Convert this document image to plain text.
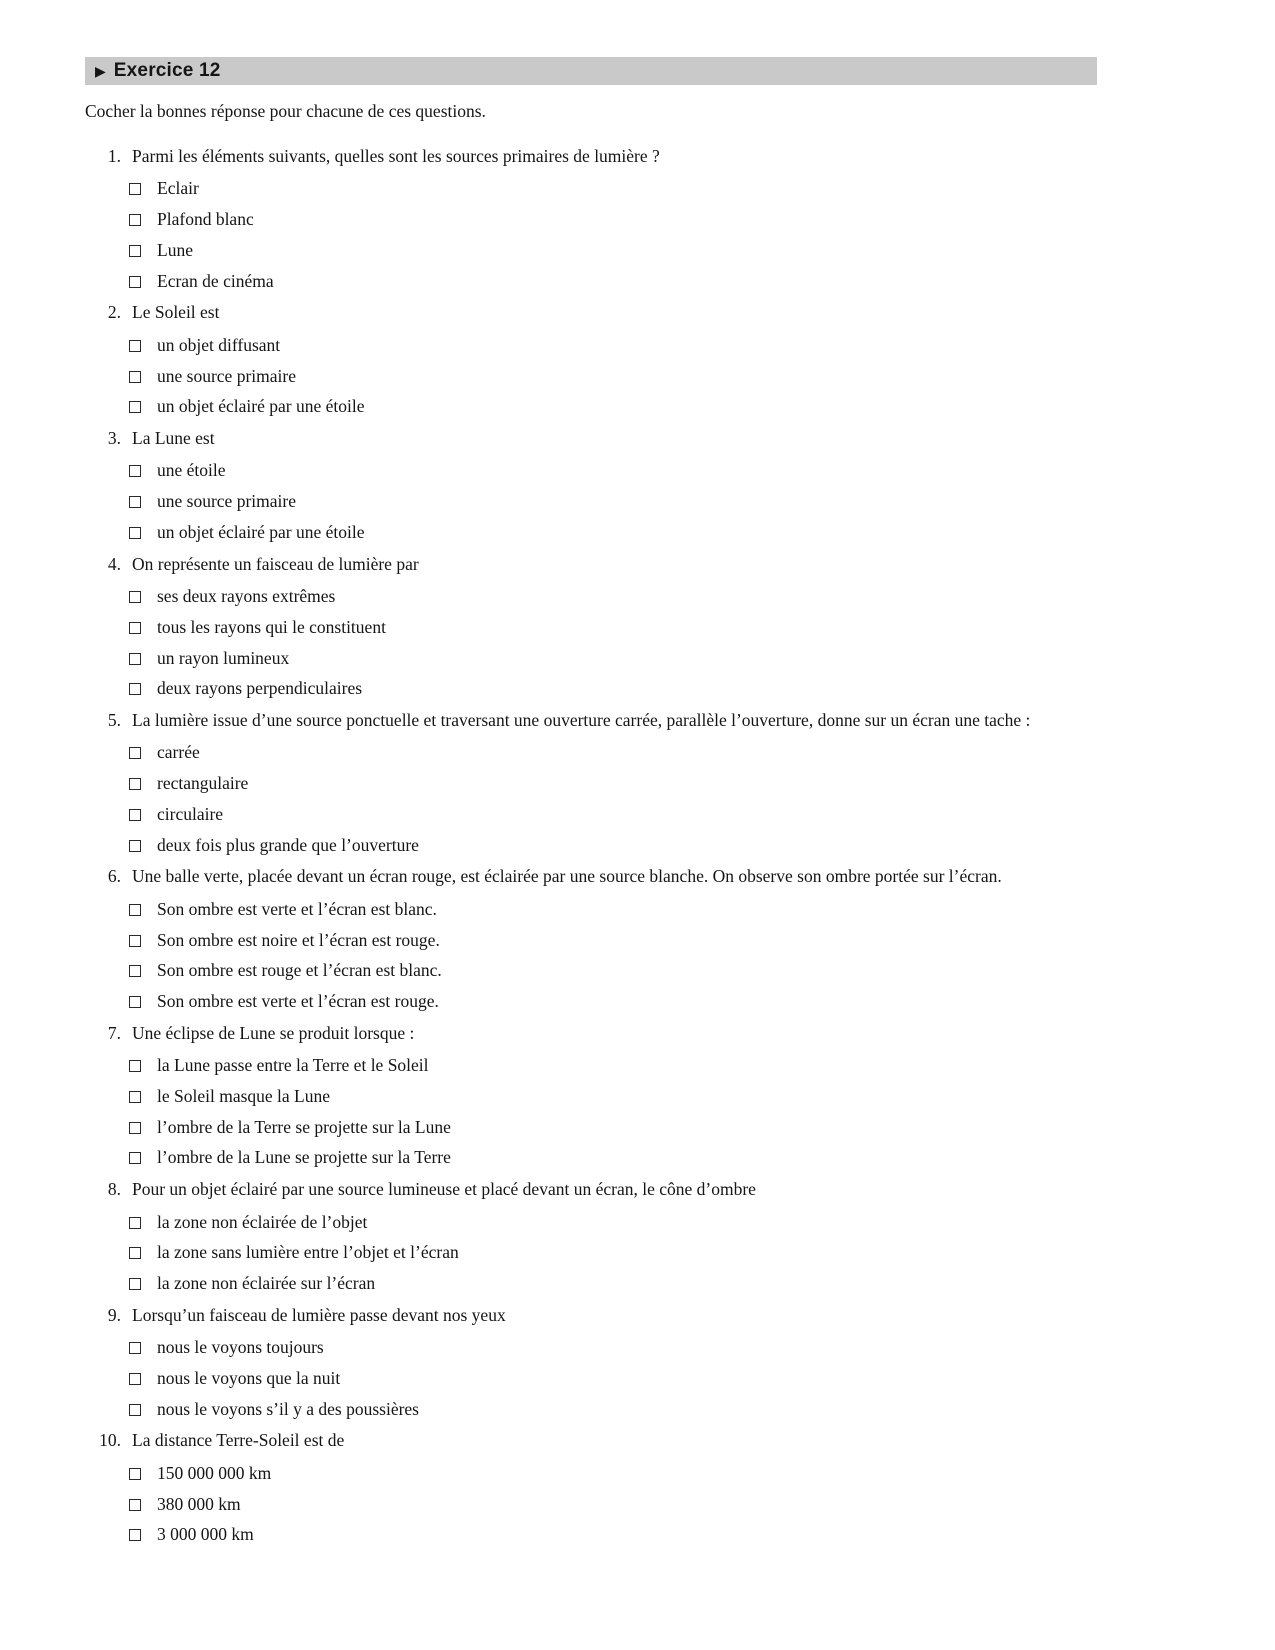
▶ Exercice 12
Cocher la bonnes réponse pour chacune de ces questions.
1. Parmi les éléments suivants, quelles sont les sources primaires de lumière ?
Eclair
Plafond blanc
Lune
Ecran de cinéma
2. Le Soleil est
un objet diffusant
une source primaire
un objet éclairé par une étoile
3. La Lune est
une étoile
une source primaire
un objet éclairé par une étoile
4. On représente un faisceau de lumière par
ses deux rayons extrêmes
tous les rayons qui le constituent
un rayon lumineux
deux rayons perpendiculaires
5. La lumière issue d’une source ponctuelle et traversant une ouverture carrée, parallèle l’ouverture, donne sur un écran une tache :
carrée
rectangulaire
circulaire
deux fois plus grande que l’ouverture
6. Une balle verte, placée devant un écran rouge, est éclairée par une source blanche. On observe son ombre portée sur l’écran.
Son ombre est verte et l’écran est blanc.
Son ombre est noire et l’écran est rouge.
Son ombre est rouge et l’écran est blanc.
Son ombre est verte et l’écran est rouge.
7. Une éclipse de Lune se produit lorsque :
la Lune passe entre la Terre et le Soleil
le Soleil masque la Lune
l’ombre de la Terre se projette sur la Lune
l’ombre de la Lune se projette sur la Terre
8. Pour un objet éclairé par une source lumineuse et placé devant un écran, le cône d’ombre
la zone non éclairée de l’objet
la zone sans lumière entre l’objet et l’écran
la zone non éclairée sur l’écran
9. Lorsqu’un faisceau de lumière passe devant nos yeux
nous le voyons toujours
nous le voyons que la nuit
nous le voyons s’il y a des poussières
10. La distance Terre-Soleil est de
150 000 000 km
380 000 km
3 000 000 km
